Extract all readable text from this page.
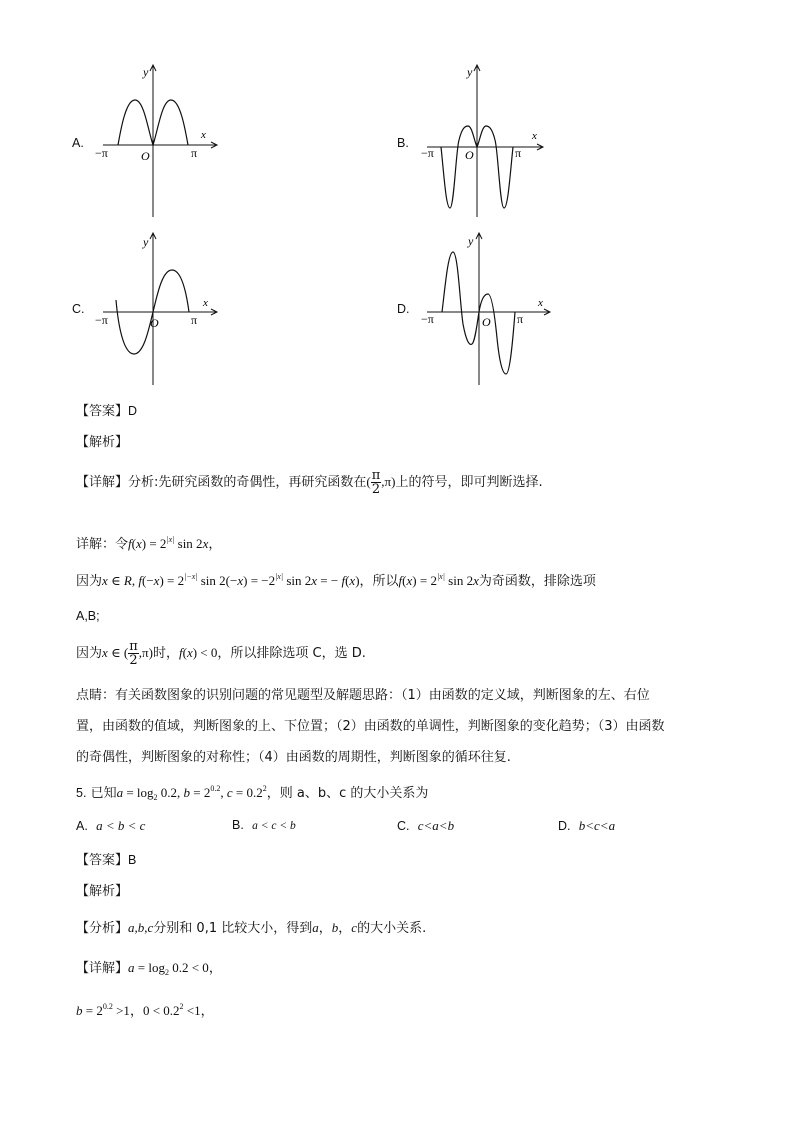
A.
y
x
−π	O	π
B.
y
x
−π	O	π
C.
y
x
−π	O	π
D.
y
x
−π	O π
【答案】D
【解析】
【详解】分析:先研究函数的奇偶性，再研究函数在( $\frac{\pi}{2} ,\pi$)上的符号，即可判断选择.
详解：令$f(x) = 2^{|x|}$ sin 2x，
因为x ∈ R, $f(-x) = 2^{|-x|}$ $\sin 2(-x) = -2^{|x|}$ sin 2x = − f(x)，所以$f(x) = 2^{|x|}$ sin 2x为奇函数，排除选项
A,B;
因为x ∈ ( $\frac{\pi}{2} ,\pi$)时，f(x) < 0，所以排除选项 C，选 D.
点睛：有关函数图象的识别问题的常见题型及解题思路：（1）由函数的定义域，判断图象的左、右位
置，由函数的值域，判断图象的上、下位置；（2）由函数的单调性，判断图象的变化趋势；（3）由函数
的奇偶性，判断图象的对称性；（4）由函数的周期性，判断图象的循环往复.
5. 已知$a = \log_2 0.2$, $b = 2^{0.2}$, $c = 0.2^2$，则 a、b、c 的大小关系为
A. a < b < c	B. a < c < b	C. c<a<b	D. b<c<a
【答案】B
【解析】
【分析】a,b,c分别和 0,1 比较大小，得到a，b，c的大小关系.
【详解】$a = \log_2 0.2 < 0$，
$b = 2^{0.2} >1$，$0 < 0.2^2 <1$，
